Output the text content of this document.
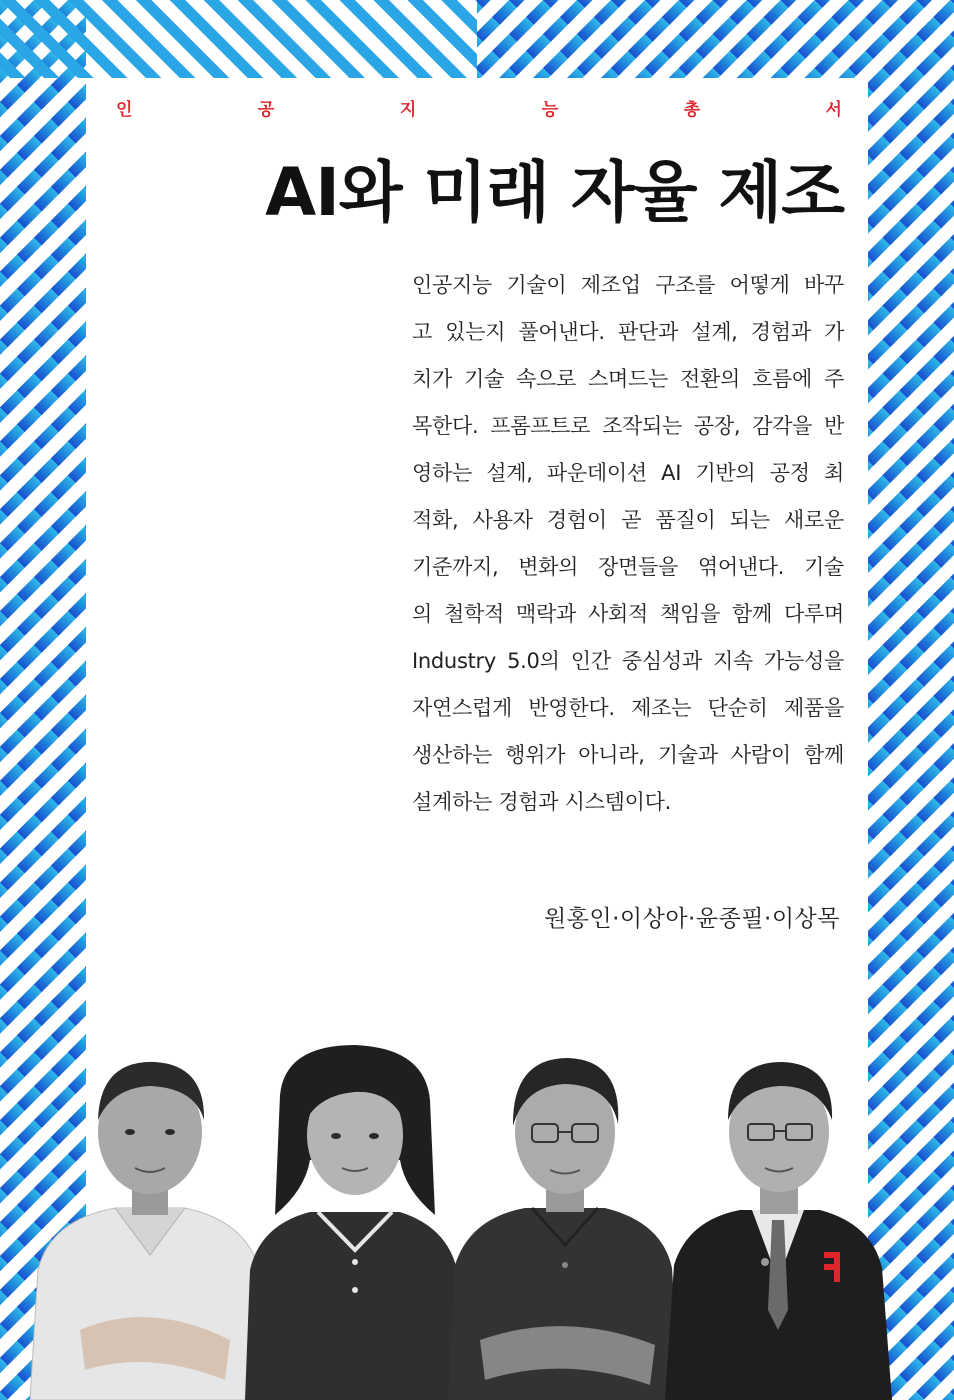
인	공	지	능	총	서
AI와 미래 자율 제조
인공지능 기술이 제조업 구조를 어떻게 바꾸
고 있는지 풀어낸다. 판단과 설계, 경험과 가
치가 기술 속으로 스며드는 전환의 흐름에 주
목한다. 프롬프트로 조작되는 공장, 감각을 반
영하는 설계, 파운데이션 AI 기반의 공정 최
적화, 사용자 경험이 곧 품질이 되는 새로운
기준까지, 변화의 장면들을 엮어낸다. 기술
의 철학적 맥락과 사회적 책임을 함께 다루며
Industry 5.0의 인간 중심성과 지속 가능성을
자연스럽게 반영한다. 제조는 단순히 제품을
생산하는 행위가 아니라, 기술과 사람이 함께
설계하는 경험과 시스템이다.
원홍인·이상아·윤종필·이상목
